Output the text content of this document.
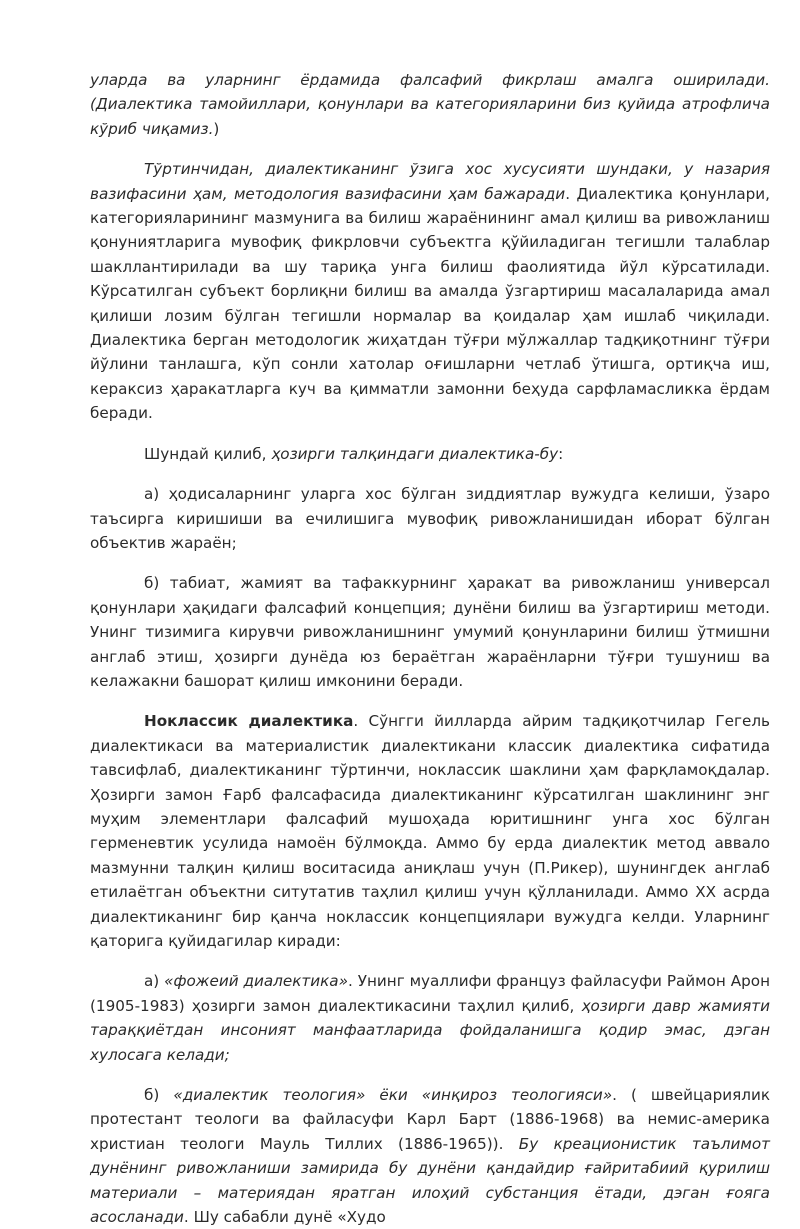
уларда ва уларнинг ёрдамида фалсафий фикрлаш амалга оширилади. (Диалектика тамойиллари, қонунлари ва категорияларини биз қуйида атрофлича кўриб чиқамиз.)

Тўртинчидан, диалектиканинг ўзига хос хусусияти шундаки, у назария вазифасини ҳам, методология вазифасини ҳам бажаради. Диалектика қонунлари, категорияларининг мазмунига ва билиш жараёнининг амал қилиш ва ривожланиш қонуниятларига мувофиқ фикрловчи субъектга қўйиладиган тегишли талаблар шакллантирилади ва шу тариқа унга билиш фаолиятида йўл кўрсатилади. Кўрсатилган субъект борлиқни билиш ва амалда ўзгартириш масалаларида амал қилиши лозим бўлган тегишли нормалар ва қоидалар ҳам ишлаб чиқилади. Диалектика берган методологик жиҳатдан тўғри мўлжаллар тадқиқотнинг тўғри йўлини танлашга, кўп сонли хатолар оғишларни четлаб ўтишга, ортиқча иш, кераксиз ҳаракатларга куч ва қимматли замонни беҳуда сарфламасликка ёрдам беради.

Шундай қилиб, ҳозирги талқиндаги диалектика-бу:

а) ҳодисаларнинг уларга хос бўлган зиддиятлар вужудга келиши, ўзаро таъсирга киришиши ва ечилишига мувофиқ ривожланишидан иборат бўлган объектив жараён;

б) табиат, жамият ва тафаккурнинг ҳаракат ва ривожланиш универсал қонунлари ҳақидаги фалсафий концепция; дунёни билиш ва ўзгартириш методи. Унинг тизимига кирувчи ривожланишнинг умумий қонунларини билиш ўтмишни англаб этиш, ҳозирги дунёда юз бераётган жараёнларни тўғри тушуниш ва келажакни башорат қилиш имконини беради.

Ноклассик диалектика. Сўнгги йилларда айрим тадқиқотчилар Гегель диалектикаси ва материалистик диалектикани классик диалектика сифатида тавсифлаб, диалектиканинг тўртинчи, ноклассик шаклини ҳам фарқламоқдалар. Ҳозирги замон Ғарб фалсафасида диалектиканинг кўрсатилган шаклининг энг муҳим элементлари фалсафий мушоҳада юритишнинг унга хос бўлган герменевтик усулида намоён бўлмоқда. Аммо бу ерда диалектик метод аввало мазмунни талқин қилиш воситасида аниқлаш учун (П.Рикер), шунингдек англаб етилаётган объектни ситутатив таҳлил қилиш учун қўлланилади. Аммо ХХ асрда диалектиканинг бир қанча ноклассик концепциялари вужудга келди. Уларнинг қаторига қуйидагилар киради:

а) «фожеий диалектика». Унинг муаллифи француз файласуфи Раймон Арон (1905-1983) ҳозирги замон диалектикасини таҳлил қилиб, ҳозирги давр жамияти тараққиётдан инсоният манфаатларида фойдаланишга қодир эмас, дэган хулосага келади;

б) «диалектик теология» ёки «инқироз теологияси». ( швейцариялик протестант теологи ва файласуфи Карл Барт (1886-1968) ва немис-америка христиан теологи Мауль Тиллих (1886-1965)). Бу креационистик таълимот дунёнинг ривожланиши замирида бу дунёни қандайдир ғайритабиий қурилиш материали – материядан яратган илоҳий субстанция ётади, дэган ғояга асосланади. Шу сабабли дунё «Худо
